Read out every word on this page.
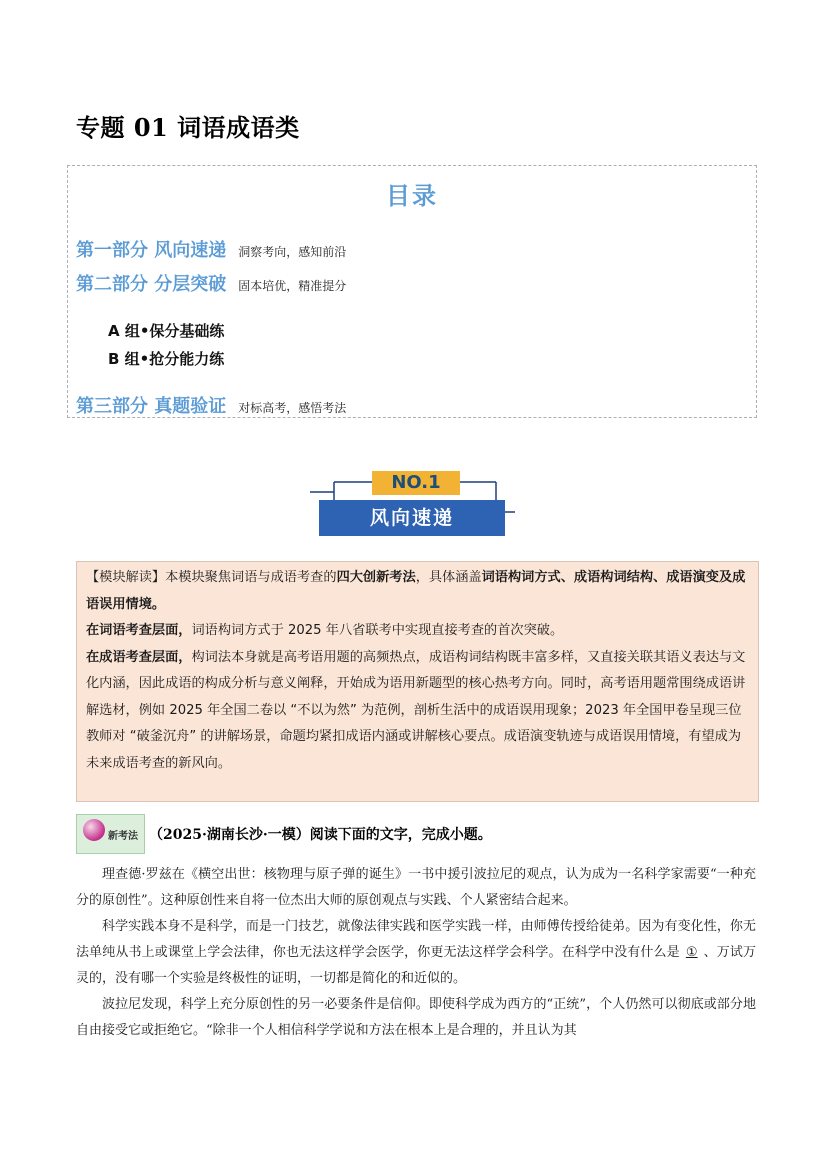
专题 01 词语成语类
目录
第一部分 风向速递 洞察考向，感知前沿
第二部分 分层突破 固本培优，精准提分
A 组•保分基础练
B 组•抢分能力练
第三部分 真题验证 对标高考，感悟考法
NO.1
风向速递

【模块解读】本模块聚焦词语与成语考查的四大创新考法，具体涵盖词语构词方式、成语构词结构、成语演变及成语误用情境。

在词语考查层面，词语构词方式于 2025 年八省联考中实现直接考查的首次突破。

在成语考查层面，构词法本身就是高考语用题的高频热点，成语构词结构既丰富多样，又直接关联其语义表达与文化内涵，因此成语的构成分析与意义阐释，开始成为语用新题型的核心热考方向。同时，高考语用题常围绕成语讲解选材，例如 2025 年全国二卷以 “不以为然” 为范例，剖析生活中的成语误用现象；2023 年全国甲卷呈现三位教师对 “破釜沉舟” 的讲解场景，命题均紧扣成语内涵或讲解核心要点。成语演变轨迹与成语误用情境，有望成为未来成语考查的新风向。

新考法 （2025·湖南长沙·一模）阅读下面的文字，完成小题。

理查德·罗兹在《横空出世：核物理与原子弹的诞生》一书中援引波拉尼的观点，认为成为一名科学家需要“一种充分的原创性”。这种原创性来自将一位杰出大师的原创观点与实践、个人紧密结合起来。

科学实践本身不是科学，而是一门技艺，就像法律实践和医学实践一样，由师傅传授给徒弟。因为有变化性，你无法单纯从书上或课堂上学会法律，你也无法这样学会医学，你更无法这样学会科学。在科学中没有什么是 ① 、万试万灵的，没有哪一个实验是终极性的证明，一切都是简化的和近似的。

波拉尼发现，科学上充分原创性的另一必要条件是信仰。即使科学成为西方的“正统”，个人仍然可以彻底或部分地自由接受它或拒绝它。“除非一个人相信科学学说和方法在根本上是合理的，并且认为其
